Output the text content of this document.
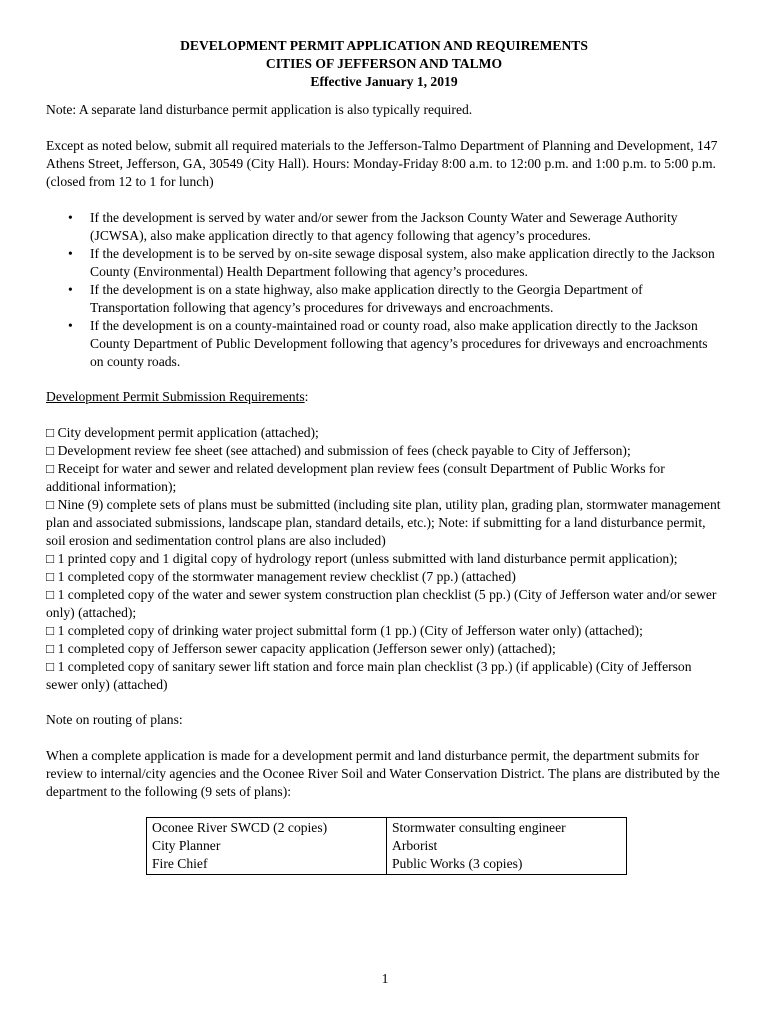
DEVELOPMENT PERMIT APPLICATION AND REQUIREMENTS
CITIES OF JEFFERSON AND TALMO
Effective January 1, 2019

Note: A separate land disturbance permit application is also typically required.

Except as noted below, submit all required materials to the Jefferson-Talmo Department of Planning and Development, 147 Athens Street, Jefferson, GA, 30549 (City Hall). Hours: Monday-Friday 8:00 a.m. to 12:00 p.m. and 1:00 p.m. to 5:00 p.m. (closed from 12 to 1 for lunch)

• If the development is served by water and/or sewer from the Jackson County Water and Sewerage Authority (JCWSA), also make application directly to that agency following that agency’s procedures.
• If the development is to be served by on-site sewage disposal system, also make application directly to the Jackson County (Environmental) Health Department following that agency’s procedures.
• If the development is on a state highway, also make application directly to the Georgia Department of Transportation following that agency’s procedures for driveways and encroachments.
• If the development is on a county-maintained road or county road, also make application directly to the Jackson County Department of Public Development following that agency’s procedures for driveways and encroachments on county roads.
Development Permit Submission Requirements:
□ City development permit application (attached);
□ Development review fee sheet (see attached) and submission of fees (check payable to City of Jefferson);
□ Receipt for water and sewer and related development plan review fees (consult Department of Public Works for additional information);
□ Nine (9) complete sets of plans must be submitted (including site plan, utility plan, grading plan, stormwater management plan and associated submissions, landscape plan, standard details, etc.); Note: if submitting for a land disturbance permit, soil erosion and sedimentation control plans are also included)
□ 1 printed copy and 1 digital copy of hydrology report (unless submitted with land disturbance permit application);
□ 1 completed copy of the stormwater management review checklist (7 pp.) (attached)
□ 1 completed copy of the water and sewer system construction plan checklist (5 pp.) (City of Jefferson water and/or sewer only) (attached);
□ 1 completed copy of drinking water project submittal form (1 pp.) (City of Jefferson water only) (attached);
□ 1 completed copy of Jefferson sewer capacity application (Jefferson sewer only) (attached);
□ 1 completed copy of sanitary sewer lift station and force main plan checklist (3 pp.) (if applicable) (City of Jefferson sewer only) (attached)

Note on routing of plans:

When a complete application is made for a development permit and land disturbance permit, the department submits for review to internal/city agencies and the Oconee River Soil and Water Conservation District. The plans are distributed by the department to the following (9 sets of plans):

Oconee River SWCD (2 copies)	Stormwater consulting engineer
City Planner	Arborist
Fire Chief	Public Works (3 copies)
1
